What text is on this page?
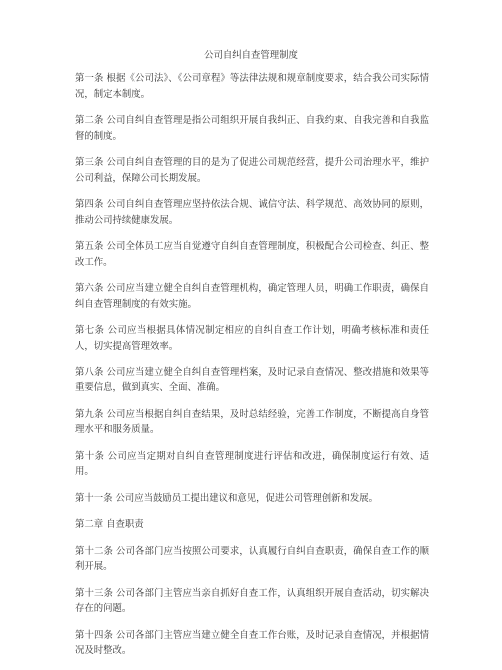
公司自纠自查管理制度

第一条 根据《公司法》、《公司章程》等法律法规和规章制度要求，结合我公司实际情况，制定本制度。

第二条 公司自纠自查管理是指公司组织开展自我纠正、自我约束、自我完善和自我监督的制度。

第三条 公司自纠自查管理的目的是为了促进公司规范经营，提升公司治理水平，维护公司利益，保障公司长期发展。

第四条 公司自纠自查管理应坚持依法合规、诚信守法、科学规范、高效协同的原则，推动公司持续健康发展。

第五条 公司全体员工应当自觉遵守自纠自查管理制度，积极配合公司检查、纠正、整改工作。

第六条 公司应当建立健全自纠自查管理机构，确定管理人员，明确工作职责，确保自纠自查管理制度的有效实施。

第七条 公司应当根据具体情况制定相应的自纠自查工作计划，明确考核标准和责任人，切实提高管理效率。

第八条 公司应当建立健全自纠自查管理档案，及时记录自查情况、整改措施和效果等重要信息，做到真实、全面、准确。

第九条 公司应当根据自纠自查结果，及时总结经验，完善工作制度，不断提高自身管理水平和服务质量。

第十条 公司应当定期对自纠自查管理制度进行评估和改进，确保制度运行有效、适用。

第十一条 公司应当鼓励员工提出建议和意见，促进公司管理创新和发展。

第二章 自查职责

第十二条 公司各部门应当按照公司要求，认真履行自纠自查职责，确保自查工作的顺利开展。

第十三条 公司各部门主管应当亲自抓好自查工作，认真组织开展自查活动，切实解决存在的问题。

第十四条 公司各部门主管应当建立健全自查工作台账，及时记录自查情况，并根据情况及时整改。
